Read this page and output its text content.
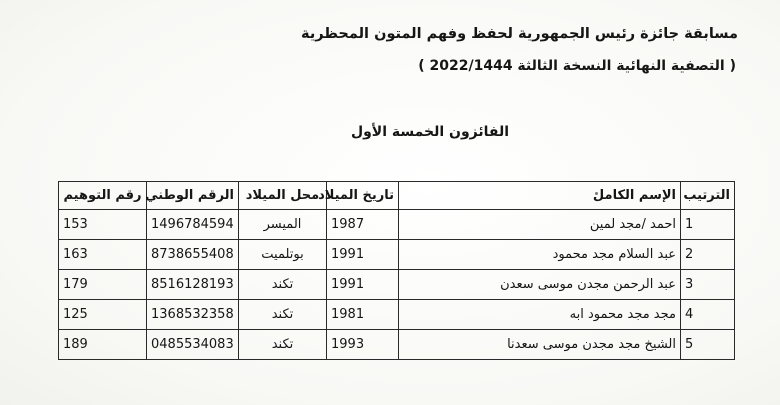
مسابقة جائزة رئيس الجمهورية لحفظ وفهم المتون المحظرية
( التصفية النهائية النسخة الثالثة 2022/1444 )
الفائزون الخمسة الأول
الترتيب	الإسم الكامل	تاريخ الميلاد	محل الميلاد	الرقم الوطني	رقم التوهيم
1	احمد /مجد لمين	1987	الميسر	1496784594	153
2	عبد السلام مجد محمود	1991	بوتلميت	8738655408	163
3	عبد الرحمن مجدن موسى سعدن	1991	تكند	8516128193	179
4	مجد مجد محمود ابه	1981	تكند	1368532358	125
5	الشيخ مجد مجدن موسى سعدنا	1993	تكند	0485534083	189
